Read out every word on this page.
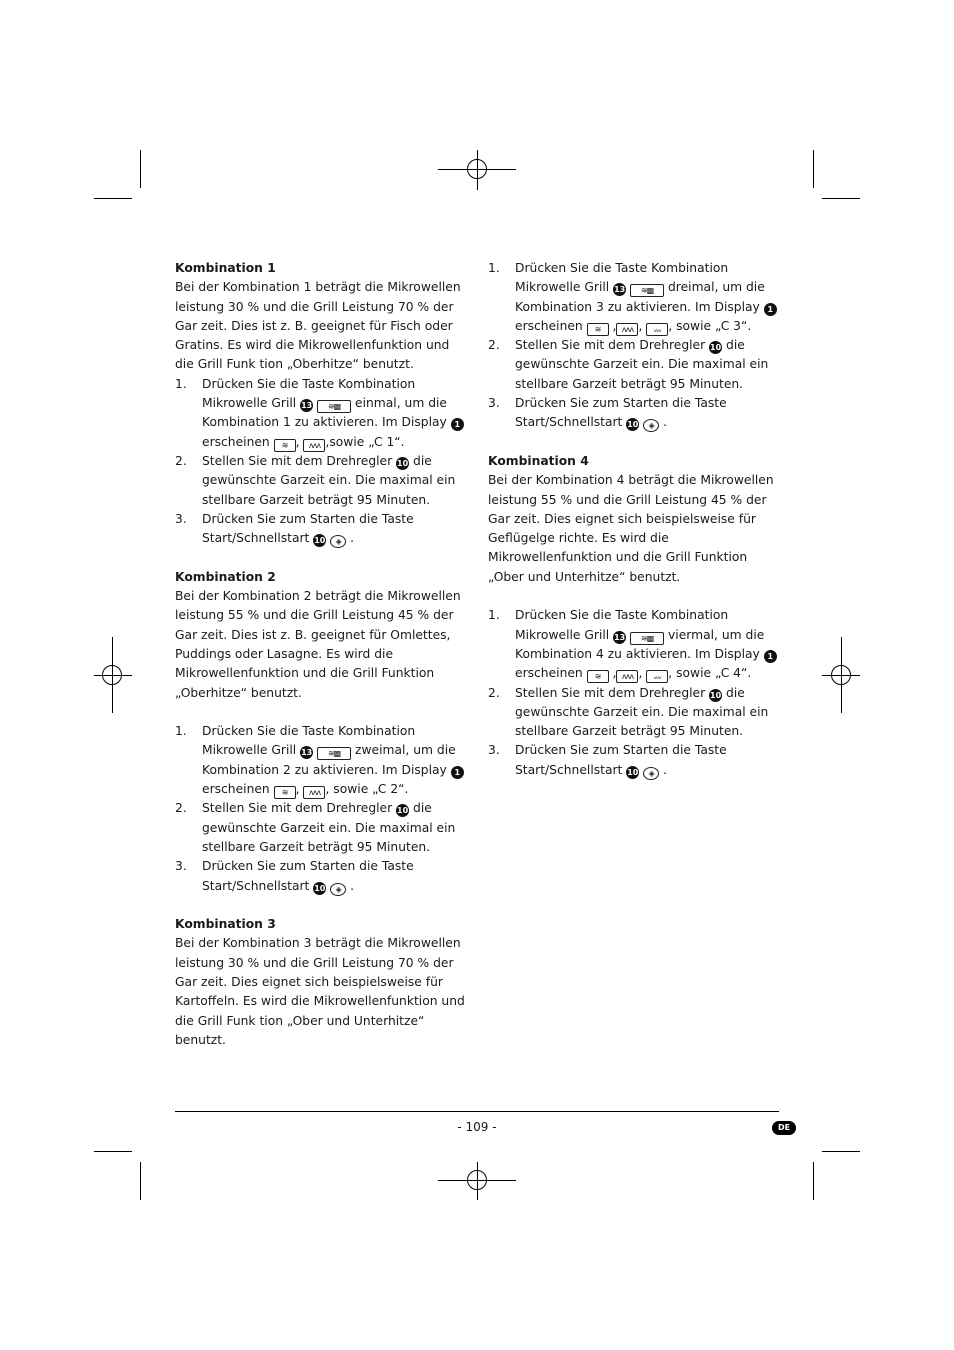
Kombination 1

Bei der Kombination 1 beträgt die Mikrowellen leistung 30 % und die Grill Leistung 70 % der Gar zeit. Dies ist z. B. geeignet für Fisch oder Gratins. Es wird die Mikrowellenfunktion und die Grill Funk tion „Oberhitze“ benutzt.

1. Drücken Sie die Taste Kombination Mikrowelle Grill 13 ≋▩ einmal, um die Kombination 1 zu aktivieren. Im Display 1 erscheinen ≋ , ᴧᴧᴧ ,sowie „C 1“.
2. Stellen Sie mit dem Drehregler 10 die gewünschte Garzeit ein. Die maximal ein stellbare Garzeit beträgt 95 Minuten.
3. Drücken Sie zum Starten die Taste Start/Schnellstart 10 ◈ .
Kombination 2

Bei der Kombination 2 beträgt die Mikrowellen leistung 55 % und die Grill Leistung 45 % der Gar zeit. Dies ist z. B. geeignet für Omlettes, Puddings oder Lasagne. Es wird die Mikrowellenfunktion und die Grill Funktion „Oberhitze“ benutzt.

1. Drücken Sie die Taste Kombination Mikrowelle Grill 13 ≋▩ zweimal, um die Kombination 2 zu aktivieren. Im Display 1 erscheinen ≋ , ᴧᴧᴧ , sowie „C 2“.
2. Stellen Sie mit dem Drehregler 10 die gewünschte Garzeit ein. Die maximal ein stellbare Garzeit beträgt 95 Minuten.
3. Drücken Sie zum Starten die Taste Start/Schnellstart 10 ◈ .
Kombination 3

Bei der Kombination 3 beträgt die Mikrowellen leistung 30 % und die Grill Leistung 70 % der Gar zeit. Dies eignet sich beispielsweise für Kartoffeln. Es wird die Mikrowellenfunktion und die Grill Funk tion „Ober und Unterhitze“ benutzt.

1. Drücken Sie die Taste Kombination Mikrowelle Grill 13 ≋▩ dreimal, um die Kombination 3 zu aktivieren. Im Display 1 erscheinen ≋ , ᴧᴧᴧ , ᵥᵥᵥ , sowie „C 3“.
2. Stellen Sie mit dem Drehregler 10 die gewünschte Garzeit ein. Die maximal ein stellbare Garzeit beträgt 95 Minuten.
3. Drücken Sie zum Starten die Taste Start/Schnellstart 10 ◈ .
Kombination 4

Bei der Kombination 4 beträgt die Mikrowellen leistung 55 % und die Grill Leistung 45 % der Gar zeit. Dies eignet sich beispielsweise für Geflügelge richte. Es wird die Mikrowellenfunktion und die Grill Funktion „Ober und Unterhitze“ benutzt.

1. Drücken Sie die Taste Kombination Mikrowelle Grill 13 ≋▩ viermal, um die Kombination 4 zu aktivieren. Im Display 1 erscheinen ≋ , ᴧᴧᴧ , ᵥᵥᵥ , sowie „C 4“.
2. Stellen Sie mit dem Drehregler 10 die gewünschte Garzeit ein. Die maximal ein stellbare Garzeit beträgt 95 Minuten.
3. Drücken Sie zum Starten die Taste Start/Schnellstart 10 ◈ .
- 109 -	DE
